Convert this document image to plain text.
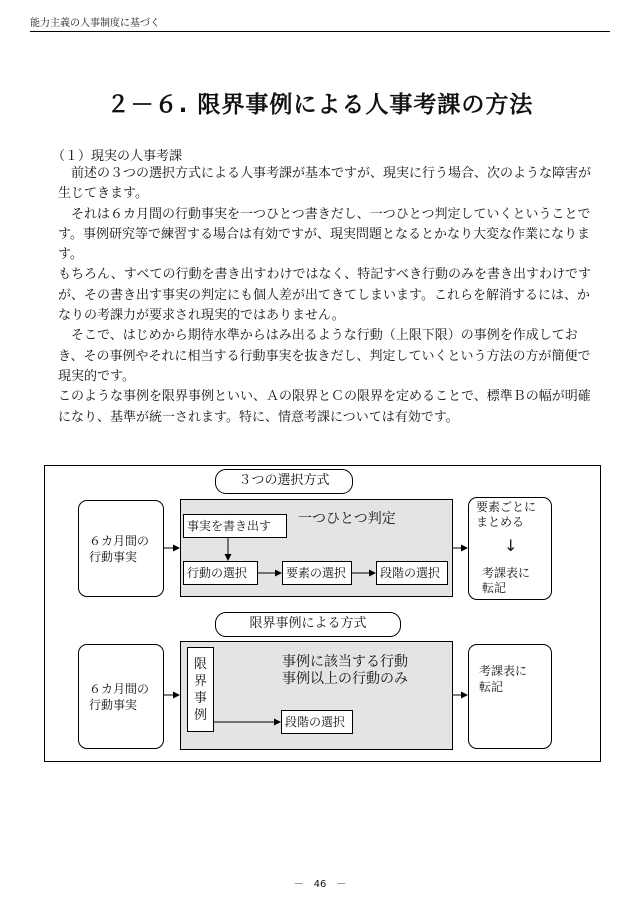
能力主義の人事制度に基づく
２－６. 限界事例による人事考課の方法
（１）現実の人事考課

　前述の３つの選択方式による人事考課が基本ですが、現実に行う場合、次のような障害が生じてきます。

　それは６カ月間の行動事実を一つひとつ書きだし、一つひとつ判定していくということです。事例研究等で練習する場合は有効ですが、現実問題となるとかなり大変な作業になります。

もちろん、すべての行動を書き出すわけではなく、特記すべき行動のみを書き出すわけですが、その書き出す事実の判定にも個人差が出てきてしまいます。これらを解消するには、かなりの考課力が要求され現実的ではありません。

　そこで、はじめから期待水準からはみ出るような行動（上限下限）の事例を作成しておき、その事例やそれに相当する行動事実を抜きだし、判定していくという方法の方が簡便で現実的です。

このような事例を限界事例といい、Ａの限界とＣの限界を定めることで、標準Ｂの幅が明確になり、基準が統一されます。特に、情意考課については有効です。

３つの選択方式
６カ月間の
行動事実
一つひとつ判定
事実を書き出す
行動の選択	要素の選択	段階の選択
要素ごとに
まとめる
↓
考課表に
転記
限界事例による方式
６カ月間の
行動事実
限
界
事
例
事例に該当する行動
事例以上の行動のみ
段階の選択
考課表に
転記
－　46　－
